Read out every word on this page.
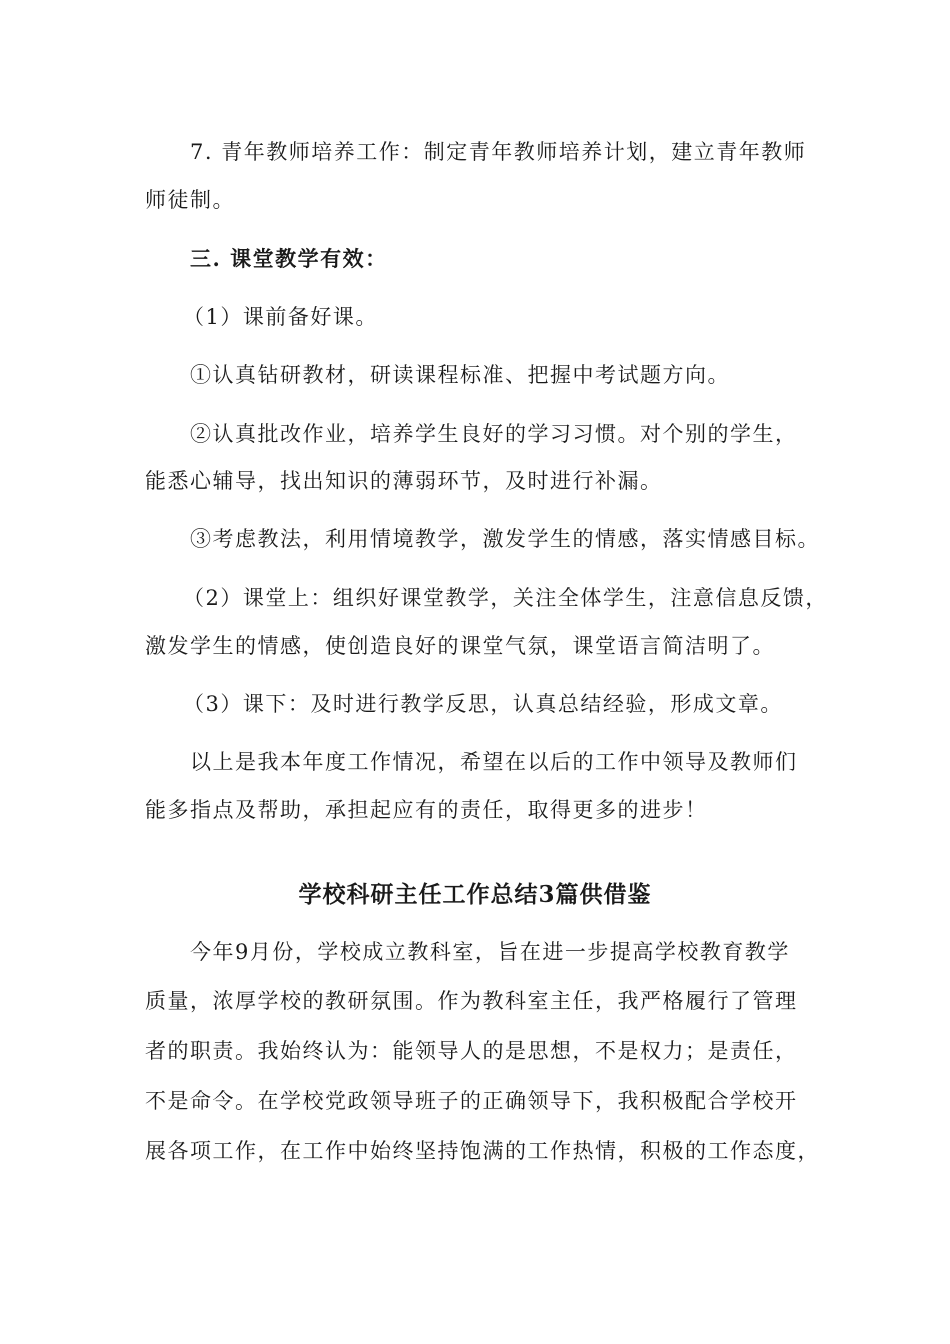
7. 青年教师培养工作：制定青年教师培养计划，建立青年教师
师徒制。
三. 课堂教学有效：
（1）课前备好课。
①认真钻研教材，研读课程标准、把握中考试题方向。
②认真批改作业，培养学生良好的学习习惯。对个别的学生，
能悉心辅导，找出知识的薄弱环节，及时进行补漏。
③考虑教法，利用情境教学，激发学生的情感，落实情感目标。
（2）课堂上：组织好课堂教学，关注全体学生，注意信息反馈，
激发学生的情感，使创造良好的课堂气氛，课堂语言简洁明了。
（3）课下：及时进行教学反思，认真总结经验，形成文章。
以上是我本年度工作情况，希望在以后的工作中领导及教师们
能多指点及帮助，承担起应有的责任，取得更多的进步！
学校科研主任工作总结3篇供借鉴
今年9月份，学校成立教科室，旨在进一步提高学校教育教学
质量，浓厚学校的教研氛围。作为教科室主任，我严格履行了管理
者的职责。我始终认为：能领导人的是思想，不是权力；是责任，
不是命令。在学校党政领导班子的正确领导下，我积极配合学校开
展各项工作，在工作中始终坚持饱满的工作热情，积极的工作态度，
